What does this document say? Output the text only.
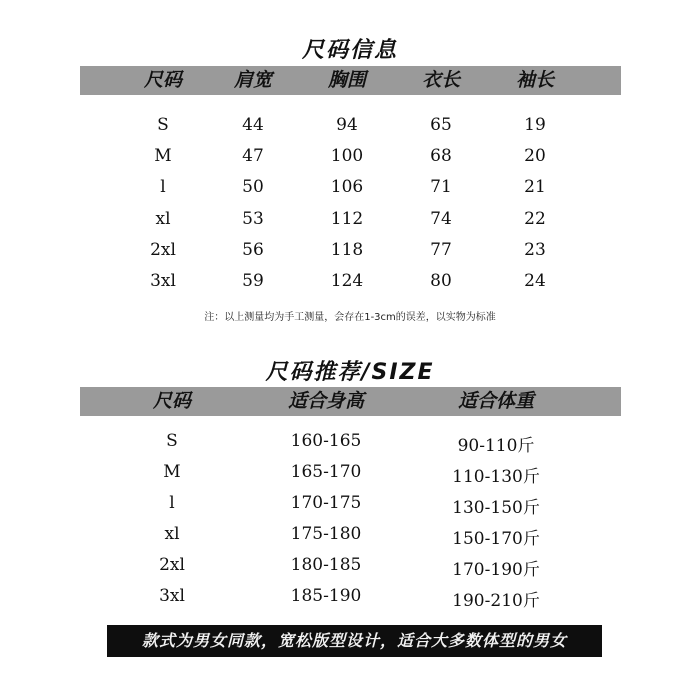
尺码信息
尺码	肩宽	胸围	衣长	袖长
S	44	94	65	19
M	47	100	68	20
l	50	106	71	21
xl	53	112	74	22
2xl	56	118	77	23
3xl	59	124	80	24
注：以上测量均为手工测量，会存在1-3cm的误差，以实物为标准
尺码推荐/SIZE
尺码	适合身高	适合体重
S	160-165	90-110斤
M	165-170	110-130斤
l	170-175	130-150斤
xl	175-180	150-170斤
2xl	180-185	170-190斤
3xl	185-190	190-210斤
款式为男女同款，宽松版型设计，适合大多数体型的男女
